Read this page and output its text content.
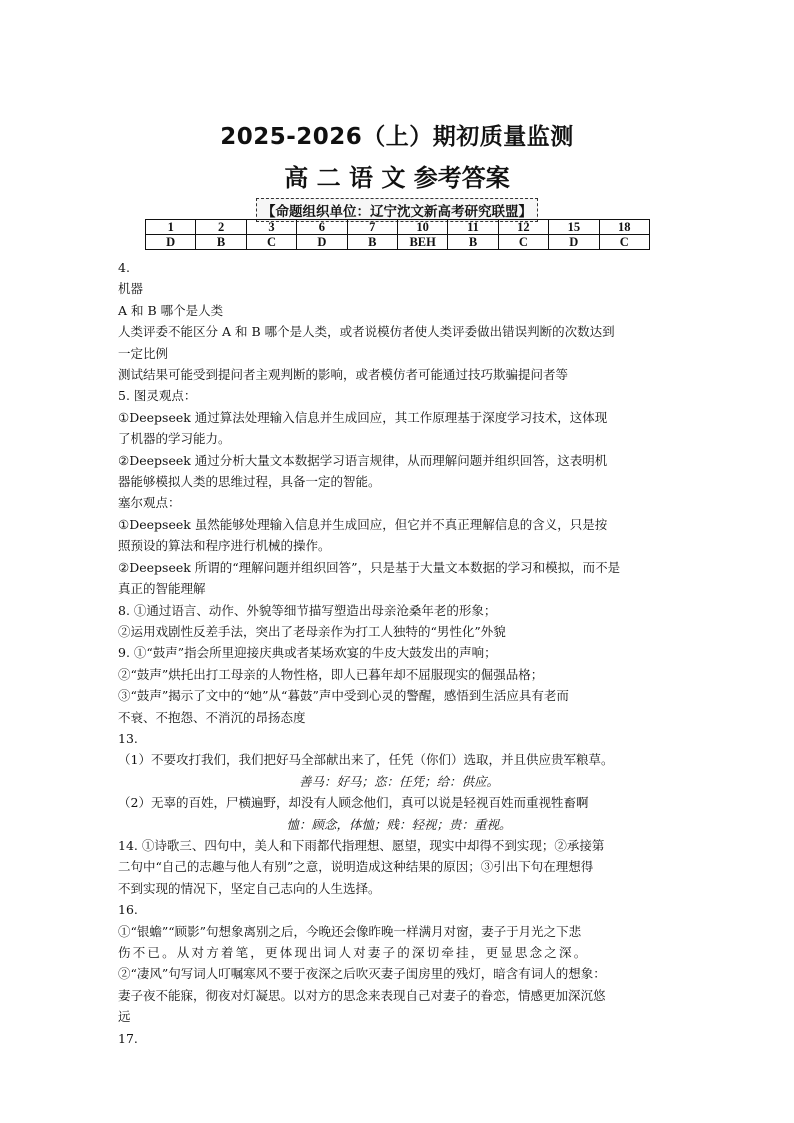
2025-2026（上）期初质量监测
高 二 语 文 参考答案
【命题组织单位：辽宁沈文新高考研究联盟】
1	2	3	6	7	10	11	12	15	18
D	B	C	D	B	BEH	B	C	D	C

4.

机器

A 和 B 哪个是人类

人类评委不能区分 A 和 B 哪个是人类，或者说模仿者使人类评委做出错误判断的次数达到

一定比例

测试结果可能受到提问者主观判断的影响，或者模仿者可能通过技巧欺骗提问者等

5. 图灵观点：

①Deepseek 通过算法处理输入信息并生成回应，其工作原理基于深度学习技术，这体现

了机器的学习能力。

②Deepseek 通过分析大量文本数据学习语言规律，从而理解问题并组织回答，这表明机

器能够模拟人类的思维过程，具备一定的智能。

塞尔观点：

①Deepseek 虽然能够处理输入信息并生成回应，但它并不真正理解信息的含义，只是按

照预设的算法和程序进行机械的操作。

②Deepseek 所谓的“理解问题并组织回答”，只是基于大量文本数据的学习和模拟，而不是

真正的智能理解

8. ①通过语言、动作、外貌等细节描写塑造出母亲沧桑年老的形象；

②运用戏剧性反差手法，突出了老母亲作为打工人独特的“男性化”外貌

9. ①“鼓声”指会所里迎接庆典或者某场欢宴的牛皮大鼓发出的声响；

②“鼓声”烘托出打工母亲的人物性格，即人已暮年却不屈服现实的倔强品格；

③“鼓声”揭示了文中的“她”从“暮鼓”声中受到心灵的警醒，感悟到生活应具有老而

不衰、不抱怨、不消沉的昂扬态度

13.

（1）不要攻打我们，我们把好马全部献出来了，任凭（你们）选取，并且供应贵军粮草。

善马：好马；恣：任凭；给：供应。

（2）无辜的百姓，尸横遍野，却没有人顾念他们，真可以说是轻视百姓而重视牲畜啊

恤：顾念，体恤；贱：轻视；贵：重视。

14. ①诗歌三、四句中，美人和下雨都代指理想、愿望，现实中却得不到实现；②承接第

二句中“自己的志趣与他人有别”之意，说明造成这种结果的原因；③引出下句在理想得

不到实现的情况下，坚定自己志向的人生选择。

16.

①“银蟾”“顾影”句想象离别之后，今晚还会像昨晚一样满月对窗，妻子于月光之下悲

伤不已。从对方着笔，更体现出词人对妻子的深切牵挂，更显思念之深。

②“凄风”句写词人叮嘱寒风不要于夜深之后吹灭妻子闺房里的残灯，暗含有词人的想象：

妻子夜不能寐，彻夜对灯凝思。以对方的思念来表现自己对妻子的眷恋，情感更加深沉悠

远

17.
